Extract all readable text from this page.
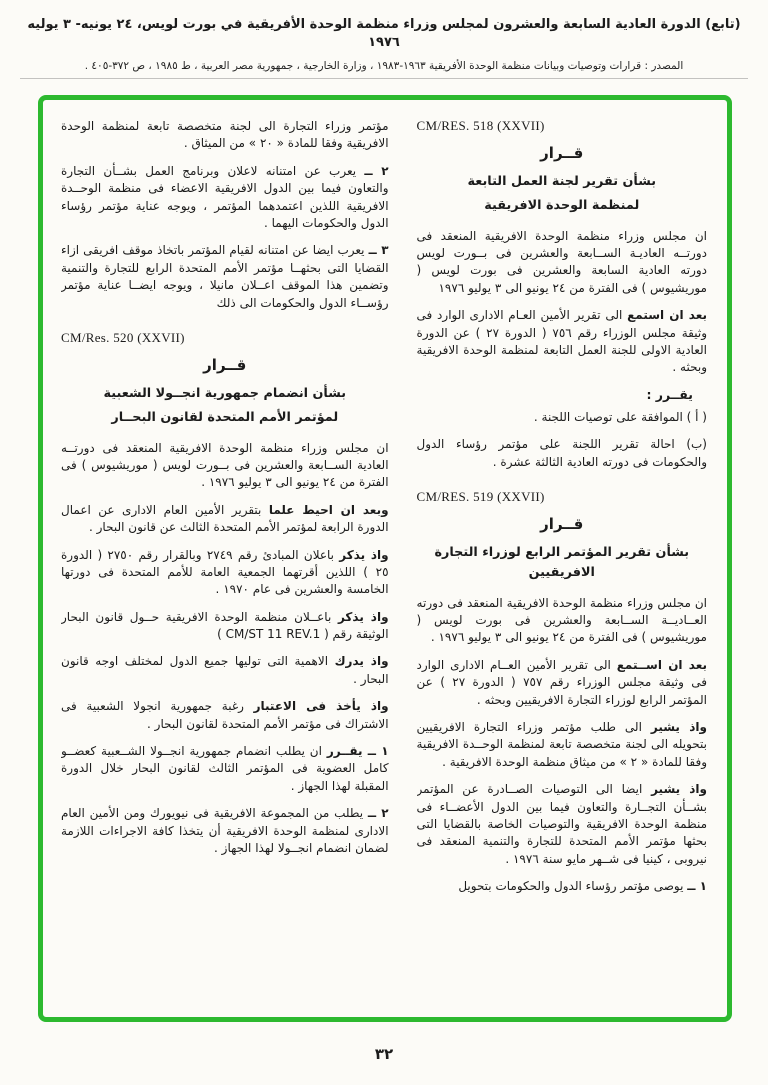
(تابع) الدورة العادية السابعة والعشرون لمجلس وزراء منظمة الوحدة الأفريقية في بورت لويس، ٢٤ يونيه- ٣ يوليه ١٩٧٦
المصدر : قرارات وتوصيات وبيانات منظمة الوحدة الأفريقية ١٩٦٣-١٩٨٣ ، وزارة الخارجية ، جمهورية مصر العربية ، ط ١٩٨٥ ، ص ٣٧٢-٤٠٥ .
CM/RES. 518 (XXVII)
قــرار
بشأن تقرير لجنة العمل التابعة
لمنظمة الوحدة الافريقية
ان مجلس وزراء منظمة الوحدة الافريقية المنعقد فى دورتــه العاديـة الســابعة والعشرين فى بــورت لويس دورته العادية السابعة والعشرين فى بورت لويس ( موريشيوس ) فى الفترة من ٢٤ يونيو الى ٣ يوليو ١٩٧٦
بعد ان استمع الى تقرير الأمين العـام الادارى الوارد فى وثيقة مجلس الوزراء رقم ٧٥٦ ( الدورة ٢٧ ) عن الدورة العادية الاولى للجنة العمل التابعة لمنظمة الوحدة الافريقية وبحثه .
يقــرر :
( أ ) الموافقة على توصيات اللجنة .
(ب) احالة تقرير اللجنة على مؤتمر رؤساء الدول والحكومات فى دورته العادية الثالثة عشرة .
CM/RES. 519 (XXVII)
قــرار
بشأن تقرير المؤتمر الرابع لوزراء التجارة الافريقيين
ان مجلس وزراء منظمة الوحدة الافريقية المنعقد فى دورته العــاديــة الســابعة والعشرين فى بورت لويس ( موريشيوس ) فى الفترة من ٢٤ يونيو الى ٣ يوليو ١٩٧٦ .
بعد ان اســتمع الى تقرير الأمين العــام الادارى الوارد فى وثيقة مجلس الوزراء رقم ٧٥٧ ( الدورة ٢٧ ) عن المؤتمر الرابع لوزراء التجارة الافريقيين وبحثه .
واذ يشير الى طلب مؤتمر وزراء التجارة الافريقيين بتحويله الى لجنة متخصصة تابعة لمنظمة الوحــدة الافريقية وفقا للمادة « ٢ » من ميثاق منظمة الوحدة الافريقية .
واذ يشير ايضا الى التوصيات الصــادرة عن المؤتمر بشــأن التجــارة والتعاون فيما بين الدول الأعضــاء فى منظمة الوحدة الافريقية والتوصيات الخاصة بالقضايا التى بحثها مؤتمر الأمم المتحدة للتجارة والتنمية المنعقد فى نيروبى ، كينيا فى شــهر مايو سنة ١٩٧٦ .
١ ــ يوصى مؤتمر رؤساء الدول والحكومات بتحويل
مؤتمر وزراء التجارة الى لجنة متخصصة تابعة لمنظمة الوحدة الافريقية وفقا للمادة « ٢٠ » من الميثاق .
٢ ــ يعرب عن امتنانه لاعلان وبرنامج العمل بشــأن التجارة والتعاون فيما بين الدول الافريقية الاعضاء فى منظمة الوحــدة الافريقية اللذين اعتمدهما المؤتمر ، ويوجه عناية مؤتمر رؤساء الدول والحكومات اليهما .
٣ ــ يعرب ايضا عن امتنانه لقيام المؤتمر باتخاذ موقف افريقى ازاء القضايا التى بحثهــا مؤتمر الأمم المتحدة الرابع للتجارة والتنمية وتضمين هذا الموقف اعــلان مانيلا ، ويوجه ايضــا عناية مؤتمر رؤســاء الدول والحكومات الى ذلك
CM/Res. 520 (XXVII)
قــرار
بشأن انضمام جمهورية انجــولا الشعبية
لمؤتمر الأمم المتحدة لقانون البحــار
ان مجلس وزراء منظمة الوحدة الافريقية المنعقد فى دورتــه العادية الســابعة والعشرين فى بــورت لويس ( موريشيوس ) فى الفترة من ٢٤ يونيو الى ٣ يوليو ١٩٧٦ .
وبعد ان احيط علما بتقرير الأمين العام الادارى عن اعمال الدورة الرابعة لمؤتمر الأمم المتحدة الثالث عن قانون البحار .
واذ يذكر باعلان المبادئ رقم ٢٧٤٩ وبالقرار رقم ٢٧٥٠ ( الدورة ٢٥ ) اللذين أقرتهما الجمعية العامة للأمم المتحدة فى دورتها الخامسة والعشرين فى عام ١٩٧٠ .
واذ يذكر باعــلان منظمة الوحدة الافريقية حــول قانون البحار الوثيقة رقم ( CM/ST 11 REV.1 )
واذ يدرك الاهمية التى توليها جميع الدول لمختلف اوجه قانون البحار .
واذ يأخذ فى الاعتبار رغبة جمهورية انجولا الشعبية فى الاشتراك فى مؤتمر الأمم المتحدة لقانون البحار .
١ ــ يقــرر ان يطلب انضمام جمهورية انجــولا الشــعبية كعضــو كامل العضوية فى المؤتمر الثالث لقانون البحار خلال الدورة المقبلة لهذا الجهاز .
٢ ــ يطلب من المجموعة الافريقية فى نيويورك ومن الأمين العام الادارى لمنظمة الوحدة الافريقية أن يتخذا كافة الاجراءات اللازمة لضمان انضمام انجــولا لهذا الجهاز .
٣٢
